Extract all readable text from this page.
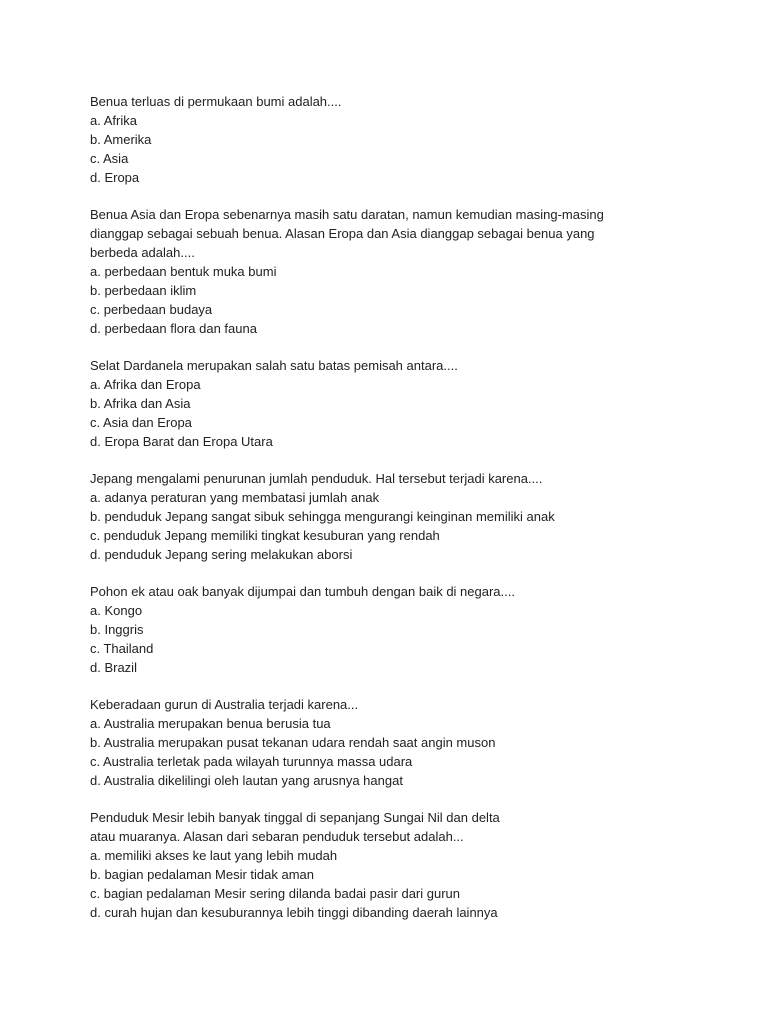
Benua terluas di permukaan bumi adalah....

a. Afrika

b. Amerika

c. Asia

d. Eropa

Benua Asia dan Eropa sebenarnya masih satu daratan, namun kemudian masing-masing
dianggap sebagai sebuah benua. Alasan Eropa dan Asia dianggap sebagai benua yang
berbeda adalah....

a. perbedaan bentuk muka bumi

b. perbedaan iklim

c. perbedaan budaya

d. perbedaan flora dan fauna

Selat Dardanela merupakan salah satu batas pemisah antara....

a. Afrika dan Eropa

b. Afrika dan Asia

c. Asia dan Eropa

d. Eropa Barat dan Eropa Utara

Jepang mengalami penurunan jumlah penduduk. Hal tersebut terjadi karena....

a. adanya peraturan yang membatasi jumlah anak

b. penduduk Jepang sangat sibuk sehingga mengurangi keinginan memiliki anak

c. penduduk Jepang memiliki tingkat kesuburan yang rendah

d. penduduk Jepang sering melakukan aborsi

Pohon ek atau oak banyak dijumpai dan tumbuh dengan baik di negara....

a. Kongo

b. Inggris

c. Thailand

d. Brazil

Keberadaan gurun di Australia terjadi karena...

a. Australia merupakan benua berusia tua

b. Australia merupakan pusat tekanan udara rendah saat angin muson

c. Australia terletak pada wilayah turunnya massa udara

d. Australia dikelilingi oleh lautan yang arusnya hangat

Penduduk Mesir lebih banyak tinggal di sepanjang Sungai Nil dan delta
atau muaranya. Alasan dari sebaran penduduk tersebut adalah...

a. memiliki akses ke laut yang lebih mudah

b. bagian pedalaman Mesir tidak aman

c. bagian pedalaman Mesir sering dilanda badai pasir dari gurun

d. curah hujan dan kesuburannya lebih tinggi dibanding daerah lainnya
